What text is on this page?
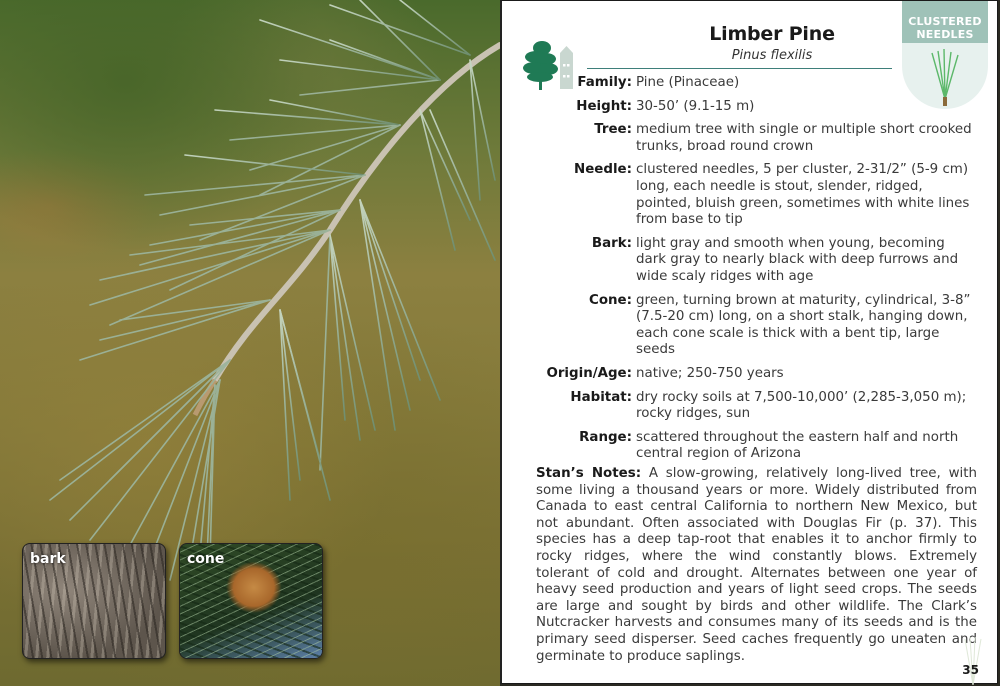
bark	cone
Limber Pine
Pinus flexilis
CLUSTERED
NEEDLES
Family: Pine (Pinaceae)
Height: 30-50’ (9.1-15 m)
Tree: medium tree with single or multiple short crooked trunks, broad round crown
Needle: clustered needles, 5 per cluster, 2-31/2” (5-9 cm) long, each needle is stout, slender, ridged, pointed, bluish green, sometimes with white lines from base to tip
Bark: light gray and smooth when young, becoming dark gray to nearly black with deep furrows and wide scaly ridges with age
Cone: green, turning brown at maturity, cylindrical, 3-8” (7.5-20 cm) long, on a short stalk, hanging down, each cone scale is thick with a bent tip, large seeds
Origin/Age: native; 250-750 years
Habitat: dry rocky soils at 7,500-10,000’ (2,285-3,050 m); rocky ridges, sun
Range: scattered throughout the eastern half and north central region of Arizona
Stan’s Notes: A slow-growing, relatively long-lived tree, with some living a thousand years or more. Widely distributed from Canada to east central California to northern New Mexico, but not abundant. Often associated with Douglas Fir (p. 37). This species has a deep tap-root that enables it to anchor firmly to rocky ridges, where the wind constantly blows. Extremely tolerant of cold and drought. Alternates between one year of heavy seed production and years of light seed crops. The seeds are large and sought by birds and other wildlife. The Clark’s Nutcracker harvests and consumes many of its seeds and is the primary seed disperser. Seed caches frequently go uneaten and germinate to produce saplings.
35
